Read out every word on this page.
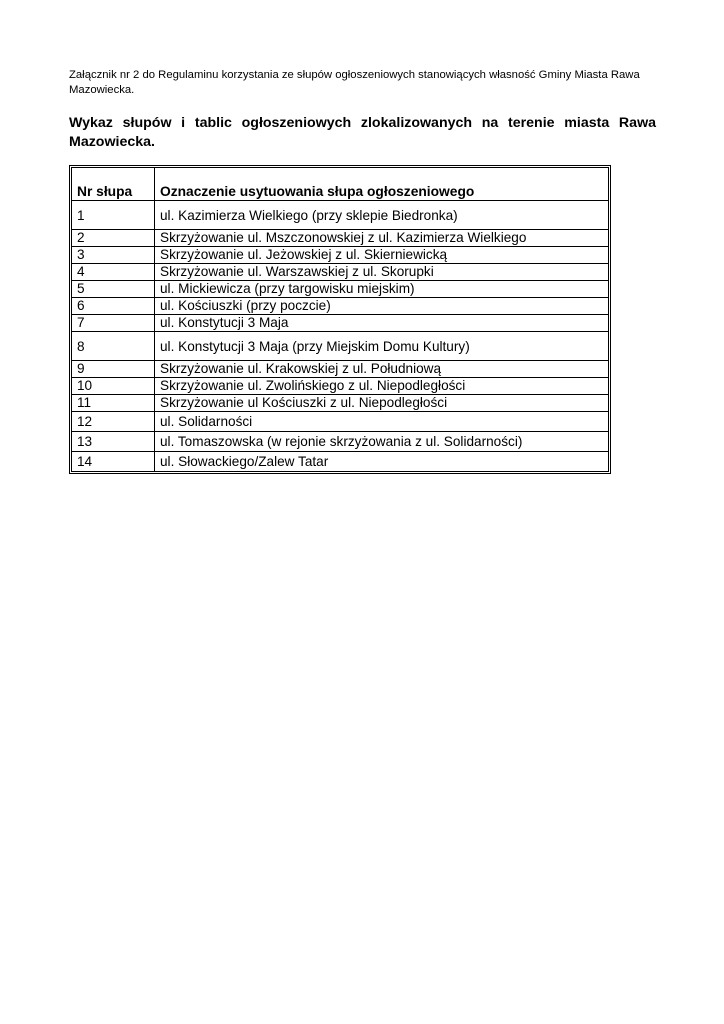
Załącznik nr 2 do Regulaminu korzystania ze słupów ogłoszeniowych stanowiących własność Gminy Miasta Rawa Mazowiecka.

Wykaz słupów i tablic ogłoszeniowych zlokalizowanych na terenie miasta Rawa Mazowiecka.

Nr słupa	Oznaczenie usytuowania słupa ogłoszeniowego
1	ul. Kazimierza Wielkiego (przy sklepie Biedronka)
2	Skrzyżowanie ul. Mszczonowskiej z ul. Kazimierza Wielkiego
3	Skrzyżowanie ul. Jeżowskiej z ul. Skierniewicką
4	Skrzyżowanie ul. Warszawskiej z ul. Skorupki
5	ul. Mickiewicza (przy targowisku miejskim)
6	ul. Kościuszki (przy poczcie)
7	ul. Konstytucji 3 Maja
8	ul. Konstytucji 3 Maja (przy Miejskim Domu Kultury)
9	Skrzyżowanie ul. Krakowskiej z ul. Południową
10	Skrzyżowanie ul. Zwolińskiego z ul. Niepodległości
11	Skrzyżowanie ul Kościuszki z ul. Niepodległości
12	ul. Solidarności
13	ul. Tomaszowska (w rejonie skrzyżowania z ul. Solidarności)
14	ul. Słowackiego/Zalew Tatar
